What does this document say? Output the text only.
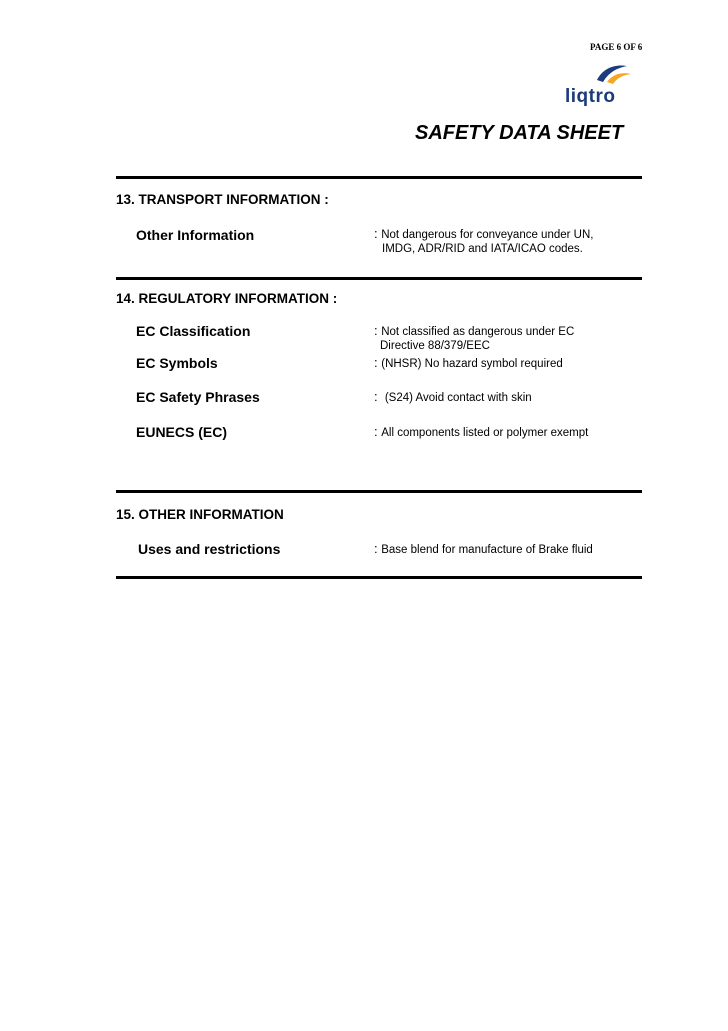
PAGE 6 OF 6
liqtro
SAFETY DATA SHEET
13. TRANSPORT INFORMATION :
Other Information	: Not dangerous for conveyance under UN,
IMDG, ADR/RID and IATA/ICAO codes.
14. REGULATORY INFORMATION :
EC Classification	: Not classified as dangerous under EC
Directive 88/379/EEC
EC Symbols	: (NHSR) No hazard symbol required
EC Safety Phrases	:  (S24) Avoid contact with skin
EUNECS (EC)	: All components listed or polymer exempt
15. OTHER INFORMATION
Uses and restrictions	: Base blend for manufacture of Brake fluid
